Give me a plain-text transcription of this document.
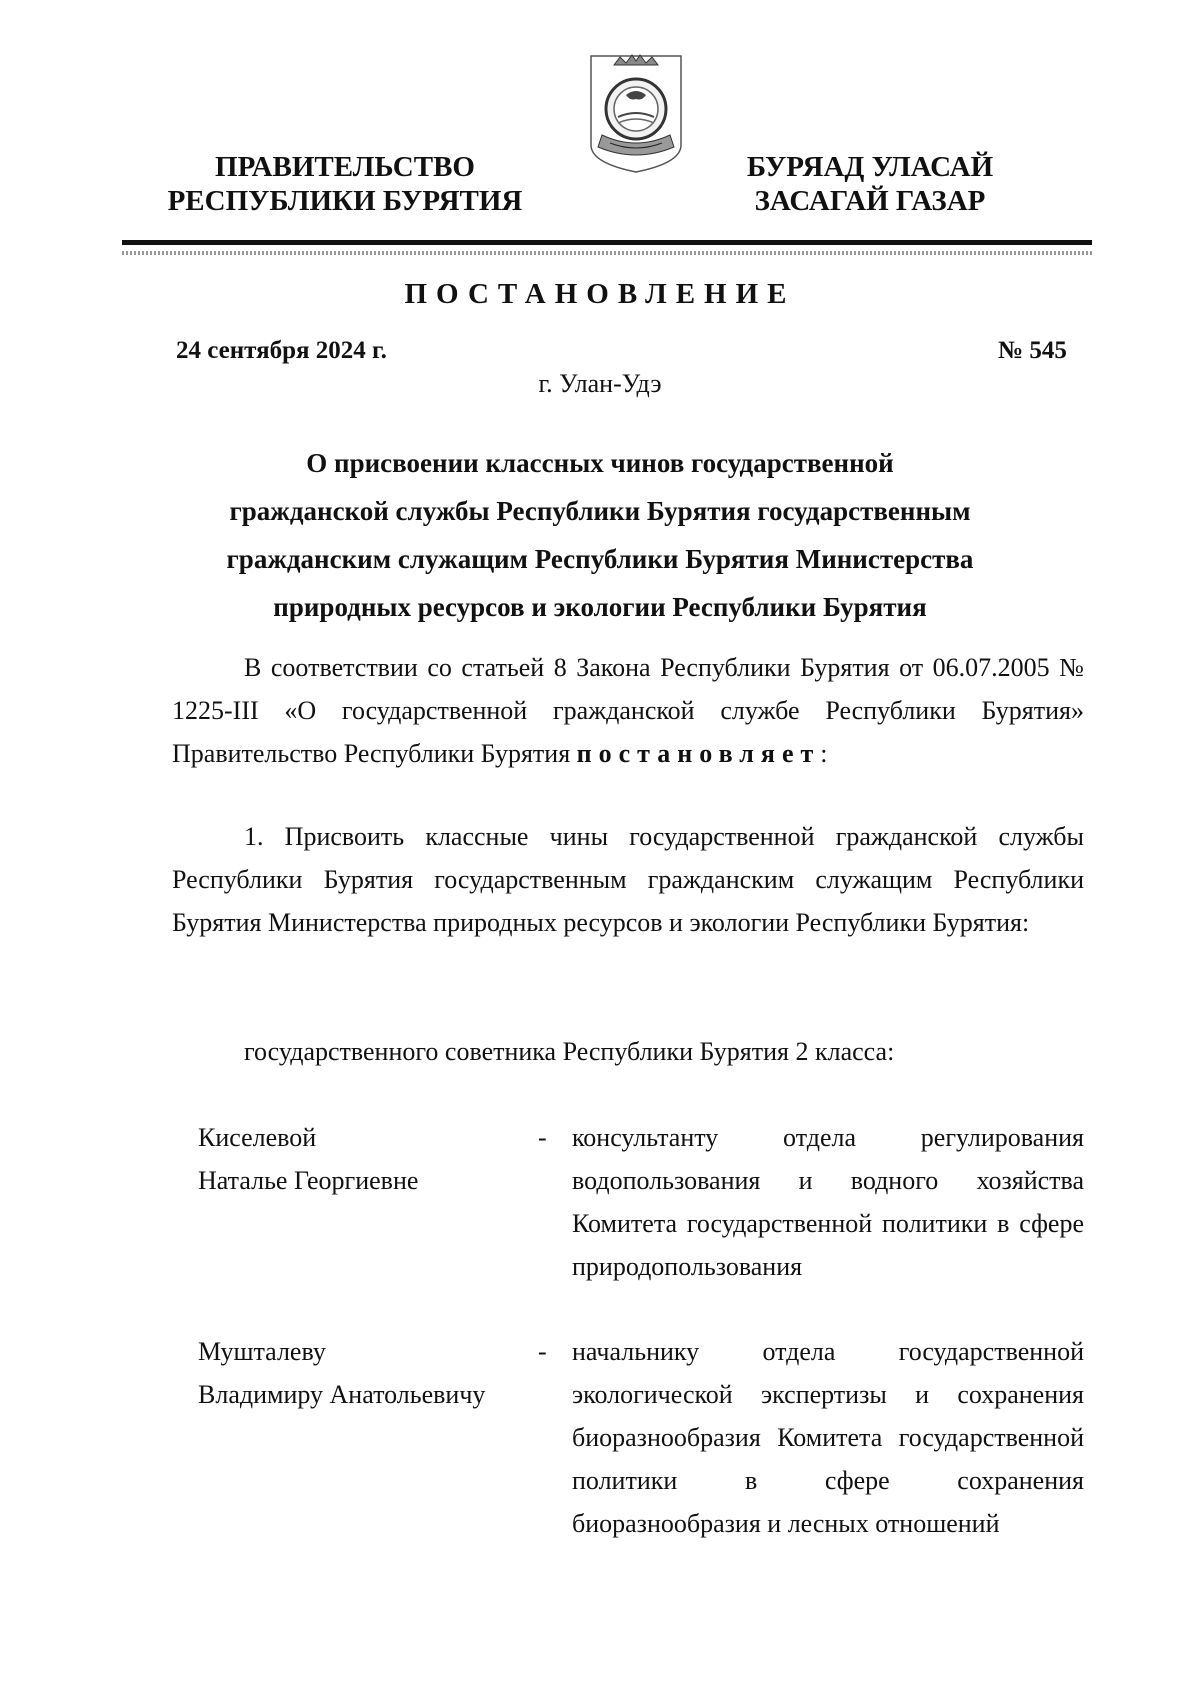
ПРАВИТЕЛЬСТВО
РЕСПУБЛИКИ БУРЯТИЯ
БУРЯАД УЛАСАЙ
ЗАСАГАЙ ГАЗАР
ПОСТАНОВЛЕНИЕ
24 сентября 2024 г.	№ 545
г. Улан-Удэ
О присвоении классных чинов государственной
гражданской службы Республики Бурятия государственным
гражданским служащим Республики Бурятия Министерства
природных ресурсов и экологии Республики Бурятия
В соответствии со статьей 8 Закона Республики Бурятия от 06.07.2005 № 1225-III «О государственной гражданской службе Республики Бурятия» Правительство Республики Бурятия постановляет:
1. Присвоить классные чины государственной гражданской службы Республики Бурятия государственным гражданским служащим Республики Бурятия Министерства природных ресурсов и экологии Республики Бурятия:
государственного советника Республики Бурятия 2 класса:
Киселевой
Наталье Георгиевне
- консультанту отдела регулирования водопользования и водного хозяйства Комитета государственной политики в сфере природопользования
Мушталеву
Владимиру Анатольевичу
- начальнику отдела государственной экологической экспертизы и сохранения биоразнообразия Комитета государственной политики в сфере сохранения биоразнообразия и лесных отношений
